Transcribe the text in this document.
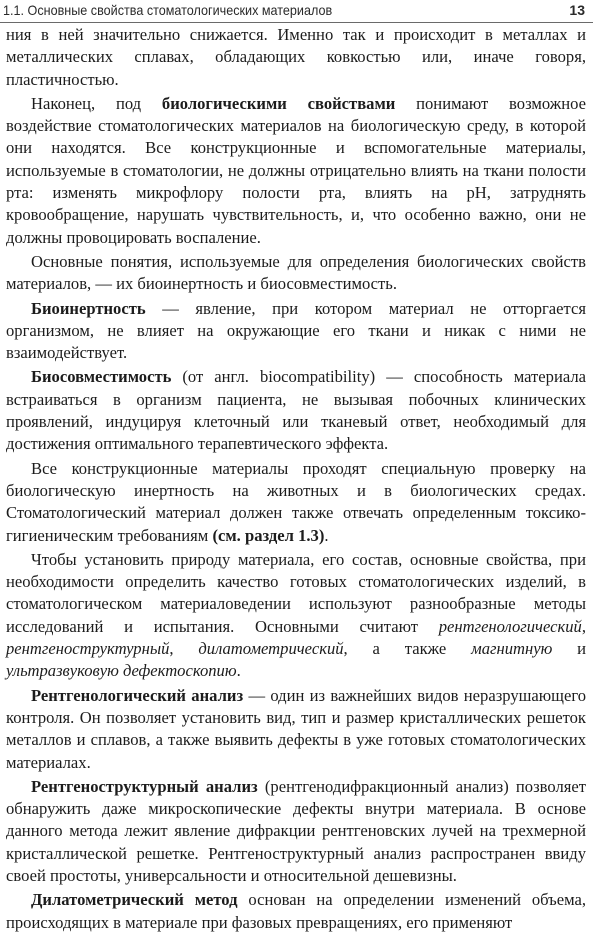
1.1. Основные свойства стоматологических материалов	13

ния в ней значительно снижается. Именно так и происходит в металлах и металлических сплавах, обладающих ковкостью или, иначе говоря, пластичностью.

Наконец, под биологическими свойствами понимают возможное воздействие стоматологических материалов на биологическую среду, в которой они находятся. Все конструкционные и вспомогательные материалы, используемые в стоматологии, не должны отрицательно влиять на ткани полости рта: изменять микрофлору полости рта, влиять на рН, затруднять кровообращение, нарушать чувствительность, и, что особенно важно, они не должны провоцировать воспаление.

Основные понятия, используемые для определения биологических свойств материалов, — их биоинертность и биосовместимость.

Биоинертность — явление, при котором материал не отторгается организмом, не влияет на окружающие его ткани и никак с ними не взаимодействует.

Биосовместимость (от англ. biocompatibility) — способность материала встраиваться в организм пациента, не вызывая побочных клинических проявлений, индуцируя клеточный или тканевый ответ, необходимый для достижения оптимального терапевтического эффекта.

Все конструкционные материалы проходят специальную проверку на биологическую инертность на животных и в биологических средах. Стоматологический материал должен также отвечать определенным токсико-гигиеническим требованиям (см. раздел 1.3).

Чтобы установить природу материала, его состав, основные свойства, при необходимости определить качество готовых стоматологических изделий, в стоматологическом материаловедении используют разнообразные методы исследований и испытания. Основными считают рентгенологический, рентгеноструктурный, дилатометрический, а также магнитную и ультразвуковую дефектоскопию.

Рентгенологический анализ — один из важнейших видов неразрушающего контроля. Он позволяет установить вид, тип и размер кристаллических решеток металлов и сплавов, а также выявить дефекты в уже готовых стоматологических материалах.

Рентгеноструктурный анализ (рентгенодифракционный анализ) позволяет обнаружить даже микроскопические дефекты внутри материала. В основе данного метода лежит явление дифракции рентгеновских лучей на трехмерной кристаллической решетке. Рентгеноструктурный анализ распространен ввиду своей простоты, универсальности и относительной дешевизны.

Дилатометрический метод основан на определении изменений объема, происходящих в материале при фазовых превращениях, его применяют
